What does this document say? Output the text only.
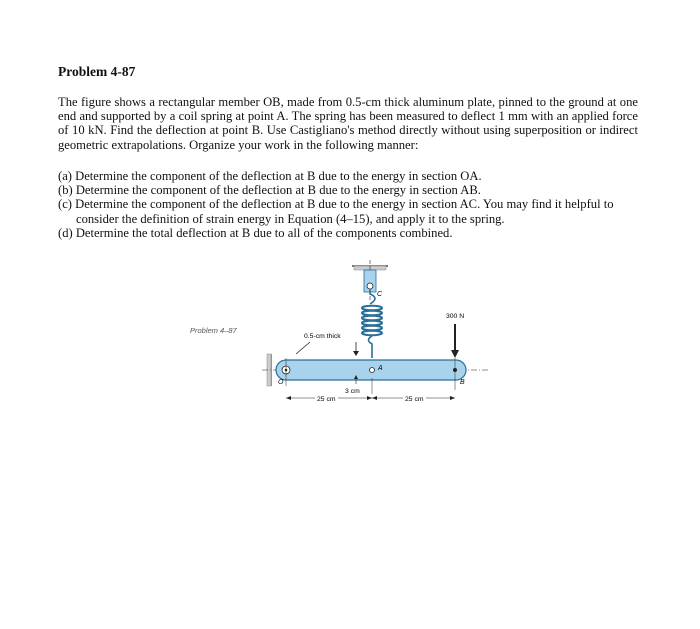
Problem 4-87
The figure shows a rectangular member OB, made from 0.5-cm thick aluminum plate, pinned to the ground at one end and supported by a coil spring at point A. The spring has been measured to deflect 1 mm with an applied force of 10 kN. Find the deflection at point B. Use Castigliano's method directly without using superposition or indirect geometric extrapolations. Organize your work in the following manner:

(a) Determine the component of the deflection at B due to the energy in section OA.

(b) Determine the component of the deflection at B due to the energy in section AB.

(c) Determine the component of the deflection at B due to the energy in section AC. You may find it helpful to
consider the definition of strain energy in Equation (4–15), and apply it to the spring.

(d) Determine the total deflection at B due to all of the components combined.

Problem 4–87
C
0.5-cm thick
300 N
O
A
B
3 cm
25 cm	25 cm
